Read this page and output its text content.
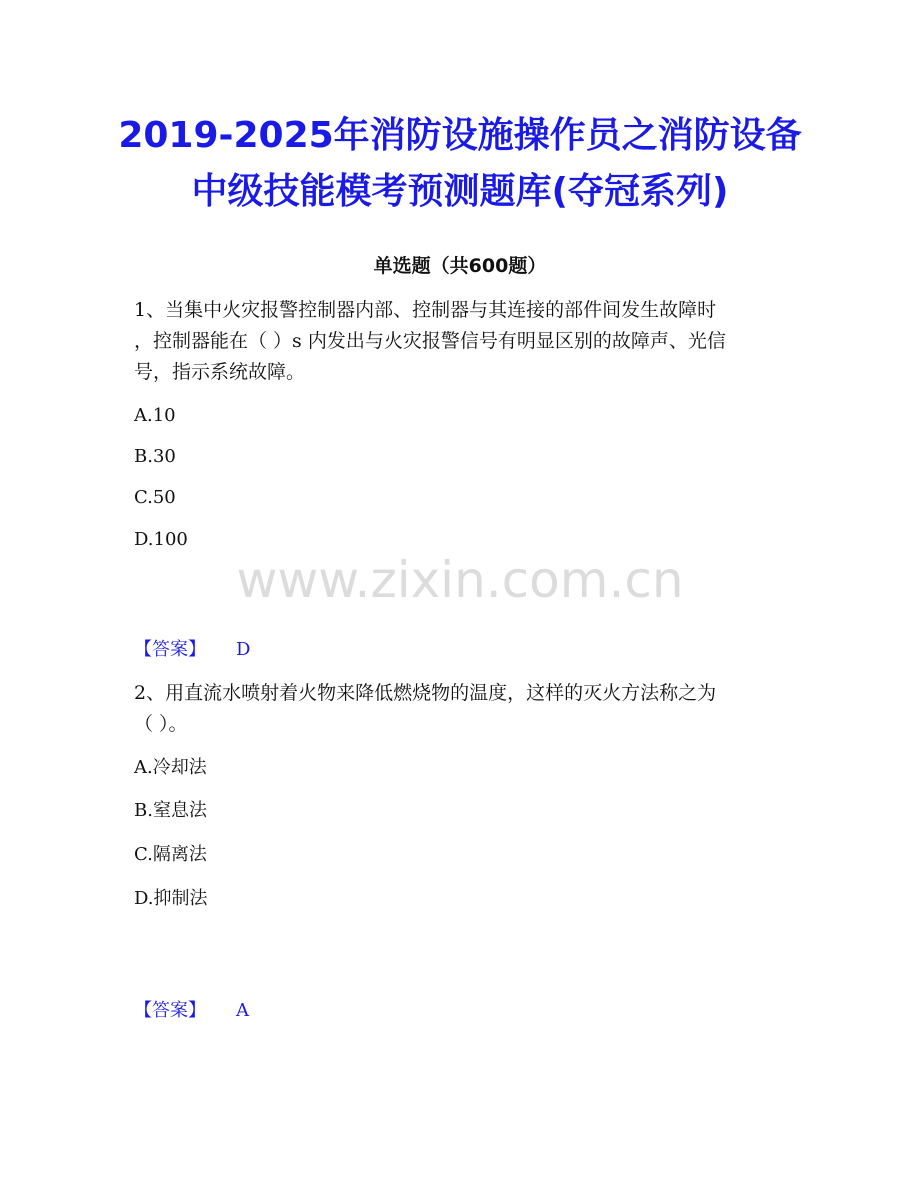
2019-2025年消防设施操作员之消防设备
中级技能模考预测题库(夺冠系列)
单选题（共600题）
1、当集中火灾报警控制器内部、控制器与其连接的部件间发生故障时
，控制器能在（ ）s 内发出与火灾报警信号有明显区别的故障声、光信
号，指示系统故障。
A.10
B.30
C.50
D.100
www.zixin.com.cn
【答案】 D
2、用直流水喷射着火物来降低燃烧物的温度，这样的灭火方法称之为
（ ）。
A.冷却法
B.窒息法
C.隔离法
D.抑制法
【答案】 A
